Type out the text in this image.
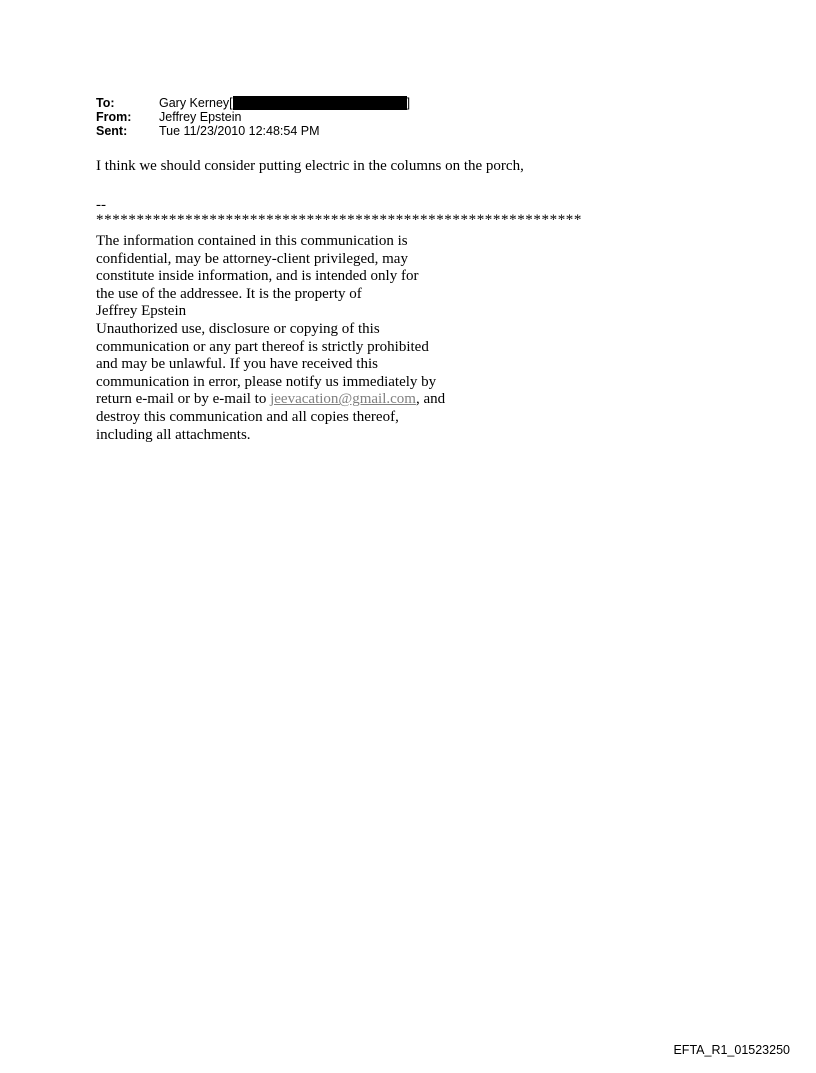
To:	Gary Kerney[	]
From:	Jeffrey Epstein
Sent:	Tue 11/23/2010 12:48:54 PM
I think we should consider putting electric in the columns on the porch,
--
************************************************************
The information contained in this communication is
confidential, may be attorney-client privileged, may
constitute inside information, and is intended only for
the use of the addressee. It is the property of
Jeffrey Epstein
Unauthorized use, disclosure or copying of this
communication or any part thereof is strictly prohibited
and may be unlawful. If you have received this
communication in error, please notify us immediately by
return e-mail or by e-mail to jeevacation@gmail.com, and
destroy this communication and all copies thereof,
including all attachments.
EFTA_R1_01523250
